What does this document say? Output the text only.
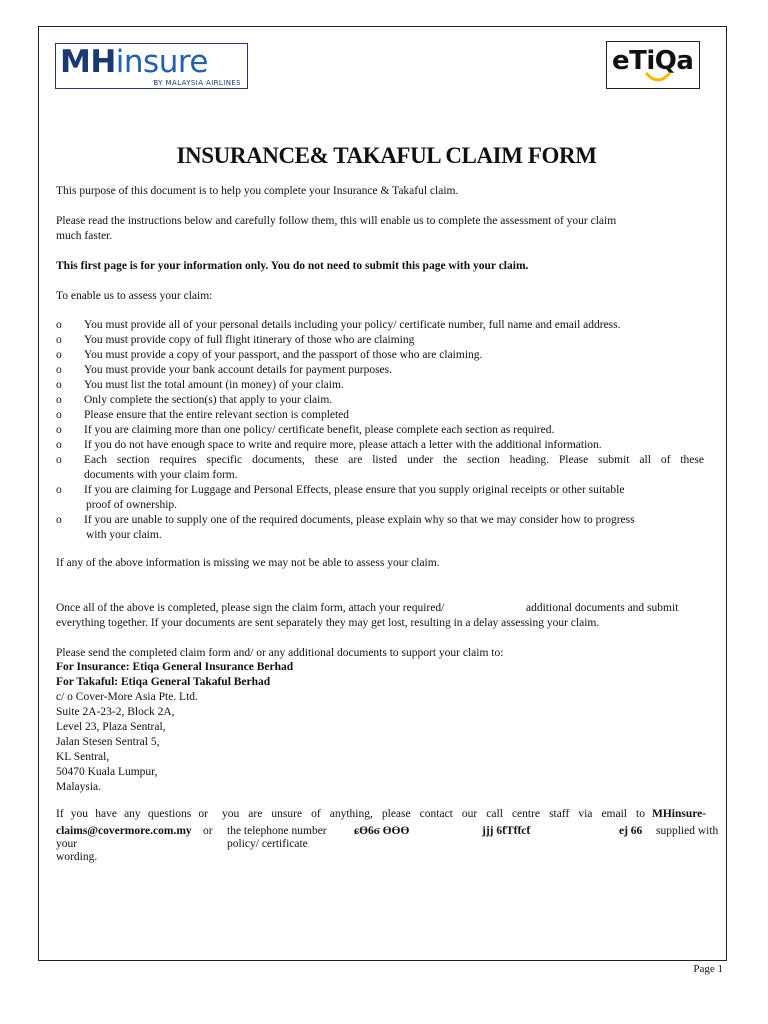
MHinsure
BY MALAYSIA AIRLINES
eTiQa
INSURANCE& TAKAFUL CLAIM FORM
This purpose of this document is to help you complete your Insurance & Takaful claim.
Please read the instructions below and carefully follow them, this will enable us to complete the assessment of your claim
much faster.
This first page is for your information only. You do not need to submit this page with your claim.
To enable us to assess your claim:
o	You must provide all of your personal details including your policy/ certificate number, full name and email address.
o	You must provide copy of full flight itinerary of those who are claiming
o	You must provide a copy of your passport, and the passport of those who are claiming.
o	You must provide your bank account details for payment purposes.
o	You must list the total amount (in money) of your claim.
o	Only complete the section(s) that apply to your claim.
o	Please ensure that the entire relevant section is completed
o	If you are claiming more than one policy/ certificate benefit, please complete each section as required.
o	If you do not have enough space to write and require more, please attach a letter with the additional information.
o	Each section requires specific documents, these are listed under the section heading. Please submit all of these
documents with your claim form.
o	If you are claiming for Luggage and Personal Effects, please ensure that you supply original receipts or other suitable
proof of ownership.
o	If you are unable to supply one of the required documents, please explain why so that we may consider how to progress
with your claim.
If any of the above information is missing we may not be able to assess your claim.
Once all of the above is completed, please sign the claim form, attach your required/	additional documents and submit
everything together. If your documents are sent separately they may get lost, resulting in a delay assessing your claim.
Please send the completed claim form and/ or any additional documents to support your claim to:
For Insurance: Etiqa General Insurance Berhad
For Takaful: Etiqa General Takaful Berhad
c/ o Cover-More Asia Pte. Ltd.
Suite 2A-23-2, Block 2A,
Level 23, Plaza Sentral,
Jalan Stesen Sentral 5,
KL Sentral,
50470 Kuala Lumpur,
Malaysia.
If you have any questions or you are unsure of anything, please contact our call centre staff via email to MHinsure-
claims@covermore.com.my or the telephone number ɕƟ6ϭ ƟƟƟ	jjj 6ƭƬƭƭcƭ	ej 66 supplied with
your	policy/ certificate
wording.
Page 1
